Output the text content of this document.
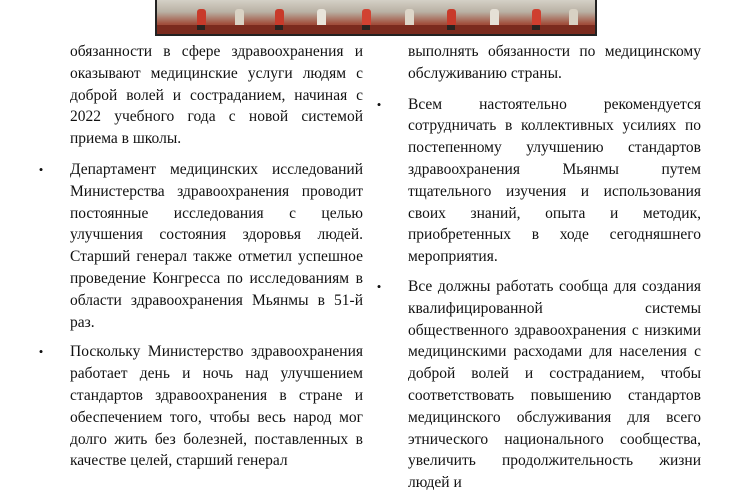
обязанности в сфере здравоохранения и оказывают медицинские услуги людям с доброй волей и состраданием, начиная с 2022 учебного года с новой системой приема в школы.

• Департамент медицинских исследований Министерства здравоохранения проводит постоянные исследования с целью улучшения состояния здоровья людей. Старший генерал также отметил успешное проведение Конгресса по исследованиям в области здравоохранения Мьянмы в 51-й раз.
• Поскольку Министерство здравоохранения работает день и ночь над улучшением стандартов здравоохранения в стране и обеспечением того, чтобы весь народ мог долго жить без болезней, поставленных в качестве целей, старший генерал

выполнять обязанности по медицинскому обслуживанию страны.

• Всем настоятельно рекомендуется сотрудничать в коллективных усилиях по постепенному улучшению стандартов здравоохранения Мьянмы путем тщательного изучения и использования своих знаний, опыта и методик, приобретенных в ходе сегодняшнего мероприятия.
• Все должны работать сообща для создания квалифицированной системы общественного здравоохранения с низкими медицинскими расходами для населения с доброй волей и состраданием, чтобы соответствовать повышению стандартов медицинского обслуживания для всего этнического национального сообщества, увеличить продолжительность жизни людей и
